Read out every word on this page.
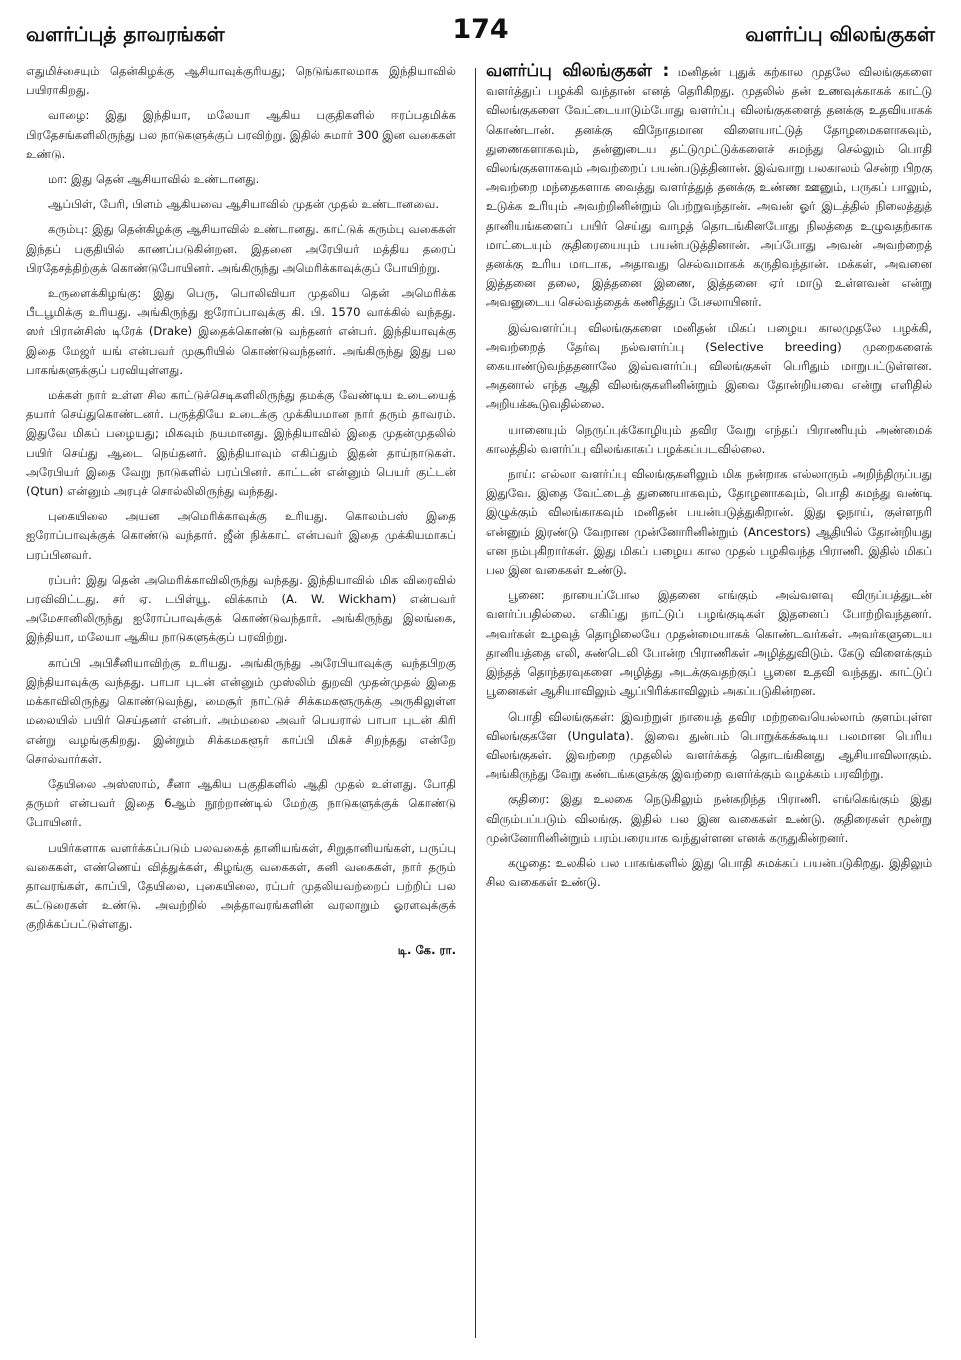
வளர்ப்புத் தாவரங்கள்	174	வளர்ப்பு விலங்குகள்

எதுமிச்சையும் தென்கிழக்கு ஆசியாவுக்குரியது; நெடுங்காலமாக இந்தியாவில் பயிராகிறது.

வாழை: இது இந்தியா, மலேயா ஆகிய பகுதிகளில் ஈரப்பதமிக்க பிரதேசங்களிலிருந்து பல நாடுகளுக்குப் பரவிற்று. இதில் சுமார் 300 இன வகைகள் உண்டு.

மா: இது தென் ஆசியாவில் உண்டானது.

ஆப்பிள், பேரி, பிளம் ஆகியவை ஆசியாவில் முதன் முதல் உண்டானவை.

கரும்பு: இது தென்கிழக்கு ஆசியாவில் உண்டானது. காட்டுக் கரும்பு வகைகள் இந்தப் பகுதியில் காணப்படுகின்றன. இதனை அரேபியர் மத்திய தரைப் பிரதேசத்திற்குக் கொண்டுபோயினர். அங்கிருந்து அமெரிக்காவுக்குப் போயிற்று.

உருளைக்கிழங்கு: இது பெரு, பொலிவியா முதலிய தென் அமெரிக்க பீடபூமிக்கு உரியது. அங்கிருந்து ஐரோப்பாவுக்கு கி. பி. 1570 வாக்கில் வந்தது. ஸர் பிரான்சிஸ் டிரேக் (Drake) இதைக்கொண்டு வந்தனர் என்பர். இந்தியாவுக்கு இதை மேஜர் யங் என்பவர் முசூரியில் கொண்டுவந்தனர். அங்கிருந்து இது பல பாகங்களுக்குப் பரவியுள்ளது.

மக்கள் நார் உள்ள சில காட்டுச்செடிகளிலிருந்து தமக்கு வேண்டிய உடையைத் தயார் செய்துகொண்டனர். பருத்தியே உடைக்கு முக்கியமான நார் தரும் தாவரம். இதுவே மிகப் பழையது; மிகவும் நயமானது. இந்தியாவில் இதை முதன்முதலில் பயிர் செய்து ஆடை நெய்தனர். இந்தியாவும் எகிப்தும் இதன் தாய்நாடுகள். அரேபியர் இதை வேறு நாடுகளில் பரப்பினர். காட்டன் என்னும் பெயர் குட்டன் (Qtun) என்னும் அரபுச் சொல்லிலிருந்து வந்தது.

புகையிலை அயன அமெரிக்காவுக்கு உரியது. கொலம்பஸ் இதை ஐரோப்பாவுக்குக் கொண்டு வந்தார். ஜீன் நிக்காட் என்பவர் இதை முக்கியமாகப் பரப்பினவர்.

ரப்பர்: இது தென் அமெரிக்காவிலிருந்து வந்தது. இந்தியாவில் மிக விரைவில் பரவிவிட்டது. சர் ஏ. டபிள்யூ. விக்காம் (A. W. Wickham) என்பவர் அமேசானிலிருந்து ஐரோப்பாவுக்குக் கொண்டுவந்தார். அங்கிருந்து இலங்கை, இந்தியா, மலேயா ஆகிய நாடுகளுக்குப் பரவிற்று.

காப்பி அபிசீனியாவிற்கு உரியது. அங்கிருந்து அரேபியாவுக்கு வந்தபிறகு இந்தியாவுக்கு வந்தது. பாபா புடன் என்னும் முஸ்லிம் துறவி முதன்முதல் இதை மக்காவிலிருந்து கொண்டுவந்து, மைசூர் நாட்டுச் சிக்கமகளூருக்கு அருகிலுள்ள மலையில் பயிர் செய்தனர் என்பர். அம்மலை அவர் பெயரால் பாபா புடன் கிரி என்று வழங்குகிறது. இன்றும் சிக்கமகளூர் காப்பி மிகச் சிறந்தது என்றே சொல்வார்கள்.

தேயிலை அஸ்ஸாம், சீனா ஆகிய பகுதிகளில் ஆதி முதல் உள்ளது. போதி தருமர் என்பவர் இதை 6ஆம் நூற்றாண்டில் மேற்கு நாடுகளுக்குக் கொண்டு போயினர்.

பயிர்களாக வளர்க்கப்படும் பலவகைத் தானியங்கள், சிறுதானியங்கள், பருப்பு வகைகள், எண்ணெய் வித்துக்கள், கிழங்கு வகைகள், கனி வகைகள், நார் தரும் தாவரங்கள், காப்பி, தேயிலை, புகையிலை, ரப்பர் முதலியவற்றைப் பற்றிப் பல கட்டுரைகள் உண்டு. அவற்றில் அத்தாவரங்களின் வரலாறும் ஓரளவுக்குக் குறிக்கப்பட்டுள்ளது.

டி. கே. ரா.

வளர்ப்பு விலங்குகள் : மனிதன் புதுக் கற்கால முதலே விலங்குகளை வளர்த்துப் பழக்கி வந்தான் எனத் தெரிகிறது. முதலில் தன் உணவுக்காகக் காட்டு விலங்குகளை வேட்டையாடும்போது வளர்ப்பு விலங்குகளைத் தனக்கு உதவியாகக் கொண்டான். தனக்கு விநோதமான விளையாட்டுத் தோழமைகளாகவும், துணைகளாகவும், தன்னுடைய தட்டுமுட்டுக்களைச் சுமந்து செல்லும் பொதி விலங்குகளாகவும் அவற்றைப் பயன்படுத்தினான். இவ்வாறு பலகாலம் சென்ற பிறகு அவற்றை மந்தைகளாக வைத்து வளர்த்துத் தனக்கு உண்ண ஊனும், பருகப் பாலும், உடுக்க உரியும் அவற்றினின்றும் பெற்றுவந்தான். அவன் ஓர் இடத்தில் நிலைத்துத் தானியங்களைப் பயிர் செய்து வாழத் தொடங்கினபோது நிலத்தை உழுவதற்காக மாட்டையும் குதிரையையும் பயன்படுத்தினான். அப்போது அவன் அவற்றைத் தனக்கு உரிய மாடாக, அதாவது செல்வமாகக் கருதிவந்தான். மக்கள், அவனை இத்தனை தலை, இத்தனை இணை, இத்தனை ஏர் மாடு உள்ளவன் என்று அவனுடைய செல்வத்தைக் கணித்துப் பேசலாயினர்.

இவ்வளர்ப்பு விலங்குகளை மனிதன் மிகப் பழைய காலமுதலே பழக்கி, அவற்றைத் தேர்வு நல்வளர்ப்பு (Selective breeding) முறைகளைக் கையாண்டுவந்ததனாலே இவ்வளர்ப்பு விலங்குகள் பெரிதும் மாறுபட்டுள்ளன. அதனால் எந்த ஆதி விலங்குகளினின்றும் இவை தோன்றியவை என்று எளிதில் அறியக்கூடுவதில்லை.

யானையும் நெருப்புக்கோழியும் தவிர வேறு எந்தப் பிராணியும் அண்மைக் காலத்தில் வளர்ப்பு விலங்காகப் பழக்கப்படவில்லை.

நாய்: எல்லா வளர்ப்பு விலங்குகளிலும் மிக நன்றாக எல்லாரும் அறிந்திருப்பது இதுவே. இதை வேட்டைத் துணையாகவும், தோழனாகவும், பொதி சுமந்து வண்டி இழுக்கும் விலங்காகவும் மனிதன் பயன்படுத்துகிறான். இது ஓநாய், குள்ளநரி என்னும் இரண்டு வேறான முன்னோரினின்றும் (Ancestors) ஆதியில் தோன்றியது என நம்புகிறார்கள். இது மிகப் பழைய கால முதல் பழகிவந்த பிராணி. இதில் மிகப் பல இன வகைகள் உண்டு.

பூனை: நாயைப்போல இதனை எங்கும் அவ்வளவு விருப்பத்துடன் வளர்ப்பதில்லை. எகிப்து நாட்டுப் பழங்குடிகள் இதனைப் போற்றிவந்தனர். அவர்கள் உழவுத் தொழிலையே முதன்மையாகக் கொண்டவர்கள். அவர்களுடைய தானியத்தை எலி, சுண்டெலி போன்ற பிராணிகள் அழித்துவிடும். கேடு விளைக்கும் இந்தத் தொந்தரவுகளை அழித்து அடக்குவதற்குப் பூனை உதவி வந்தது. காட்டுப் பூனைகள் ஆசியாவிலும் ஆப்பிரிக்காவிலும் அகப்படுகின்றன.

பொதி விலங்குகள்: இவற்றுள் நாயைத் தவிர மற்றவையெல்லாம் குளம்புள்ள விலங்குகளே (Ungulata). இவை துன்பம் பொறுக்கக்கூடிய பலமான பெரிய விலங்குகள். இவற்றை முதலில் வளர்க்கத் தொடங்கினது ஆசியாவிலாகும். அங்கிருந்து வேறு கண்டங்களுக்கு இவற்றை வளர்க்கும் வழக்கம் பரவிற்று.

குதிரை: இது உலகை நெடுகிலும் நன்கறிந்த பிராணி. எங்கெங்கும் இது விரும்பப்படும் விலங்கு. இதில் பல இன வகைகள் உண்டு. குதிரைகள் மூன்று முன்னோரினின்றும் பரம்பரையாக வந்துள்ளன எனக் கருதுகின்றனர்.

கழுதை: உலகில் பல பாகங்களில் இது பொதி சுமக்கப் பயன்படுகிறது. இதிலும் சில வகைகள் உண்டு.
